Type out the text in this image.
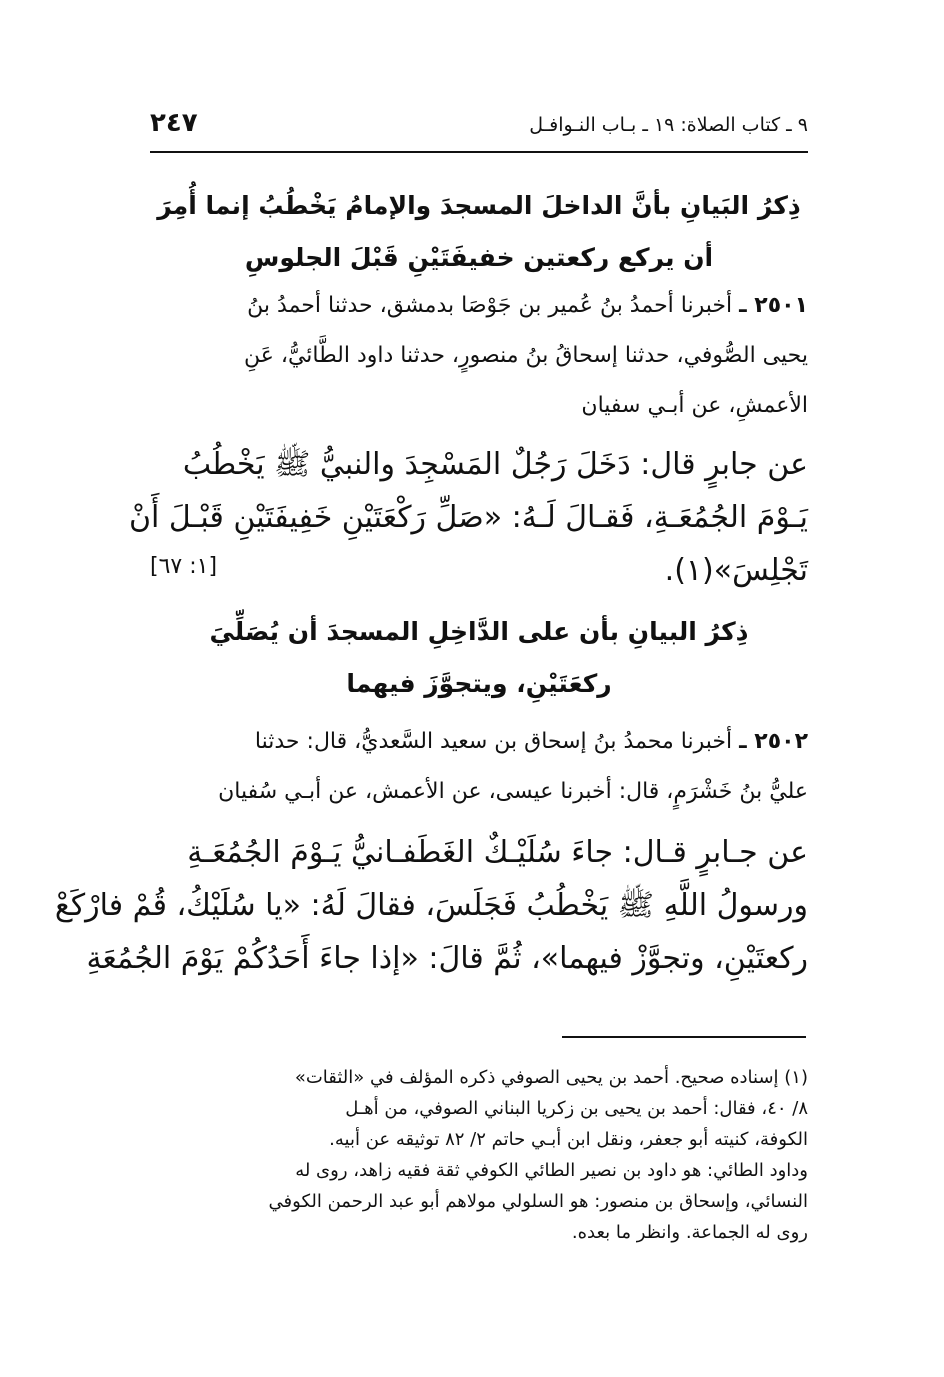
٩ ـ كتاب الصلاة: ١٩ ـ بـاب النـوافـل
٢٤٧
ذِكرُ البَيانِ بأنَّ الداخلَ المسجدَ والإمامُ يَخْطُبُ إنما أُمِرَ
أن يركع ركعتين خفيفَتَيْنِ قَبْلَ الجلوسِ
٢٥٠١ ـ أخبرنا أحمدُ بنُ عُمير بن جَوْصَا بدمشق، حدثنا أحمدُ بنُ
يحيى الصُّوفي، حدثنا إسحاقُ بنُ منصورٍ، حدثنا داود الطَّائيُّ، عَنِ
الأعمشِ، عن أبـي سفيان
عن جابرٍ قال: دَخَلَ رَجُلٌ المَسْجِدَ والنبيُّ ﷺ يَخْطُبُ
يَـوْمَ الجُمُعَـةِ، فَقـالَ لَـهُ: «صَلِّ رَكْعَتَيْنِ خَفِيفَتَيْنِ قَبْـلَ أَنْ
تَجْلِسَ»(١).
[١: ٦٧]
ذِكرُ البيانِ بأن على الدَّاخِلِ المسجدَ أن يُصَلِّيَ
ركعَتَيْنِ، ويتجوَّزَ فيهما
٢٥٠٢ ـ أخبرنا محمدُ بنُ إسحاق بن سعيد السَّعديُّ، قال: حدثنا
عليُّ بنُ خَشْرَمٍ، قال: أخبرنا عيسى، عن الأعمش، عن أبـي سُفيان
عن جـابرٍ قـال: جاءَ سُلَيْـكٌ الغَطَفـانيُّ يَـوْمَ الجُمُعَـةِ
ورسولُ اللَّهِ ﷺ يَخْطُبُ فَجَلَسَ، فقالَ لَهُ: «يا سُلَيْكُ، قُمْ فارْكَعْ
ركعتَيْنِ، وتجوَّزْ فيهما»، ثُمَّ قالَ: «إذا جاءَ أَحَدُكُمْ يَوْمَ الجُمُعَةِ
(١) إسناده صحيح. أحمد بن يحيى الصوفي ذكره المؤلف في «الثقات»
٨/ ٤٠، فقال: أحمد بن يحيى بن زكريا البناني الصوفي، من أهـل
الكوفة، كنيته أبو جعفر، ونقل ابن أبـي حاتم ٢/ ٨٢ توثيقه عن أبيه.
وداود الطائي: هو داود بن نصير الطائي الكوفي ثقة فقيه زاهد، روى له
النسائي، وإسحاق بن منصور: هو السلولي مولاهم أبو عبد الرحمن الكوفي
روى له الجماعة. وانظر ما بعده.
